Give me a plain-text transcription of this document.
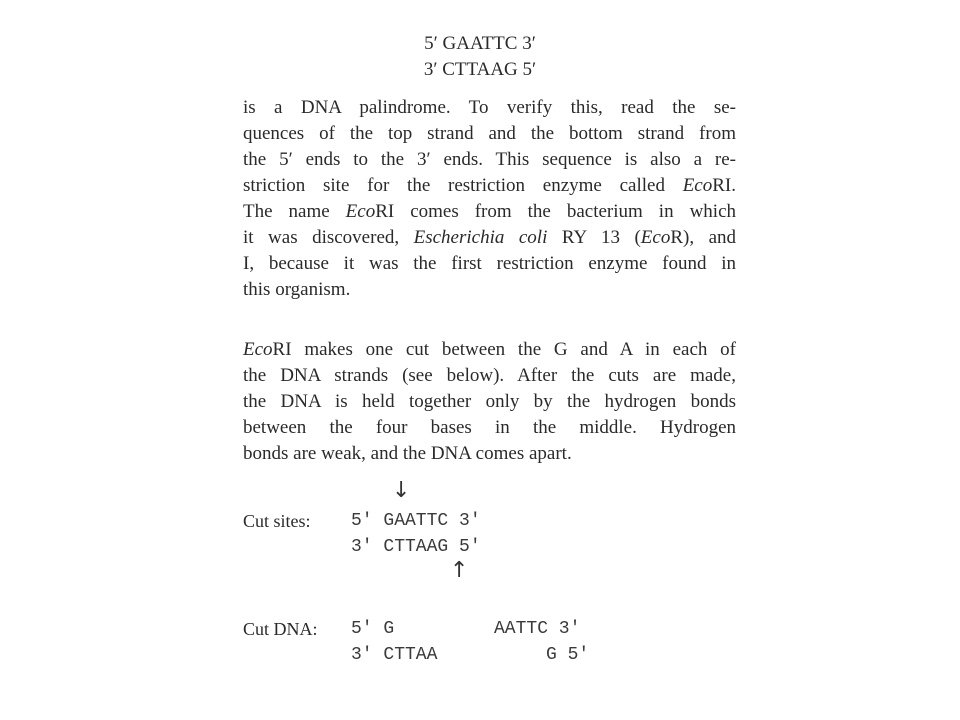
5′ GAATTC 3′
3′ CTTAAG 5′
is a DNA palindrome. To verify this, read the se-
quences of the top strand and the bottom strand from
the 5′ ends to the 3′ ends. This sequence is also a re-
striction site for the restriction enzyme called EcoRI.
The name EcoRI comes from the bacterium in which
it was discovered, Escherichia coli RY 13 (EcoR), and
I, because it was the first restriction enzyme found in
this organism.
EcoRI makes one cut between the G and A in each of
the DNA strands (see below). After the cuts are made,
the DNA is held together only by the hydrogen bonds
between the four bases in the middle. Hydrogen
bonds are weak, and the DNA comes apart.
↓
Cut sites: 5′ GAATTC 3′
3′ CTTAAG 5′
↑
Cut DNA: 5′ G	AATTC 3′
3′ CTTAA	G 5′
